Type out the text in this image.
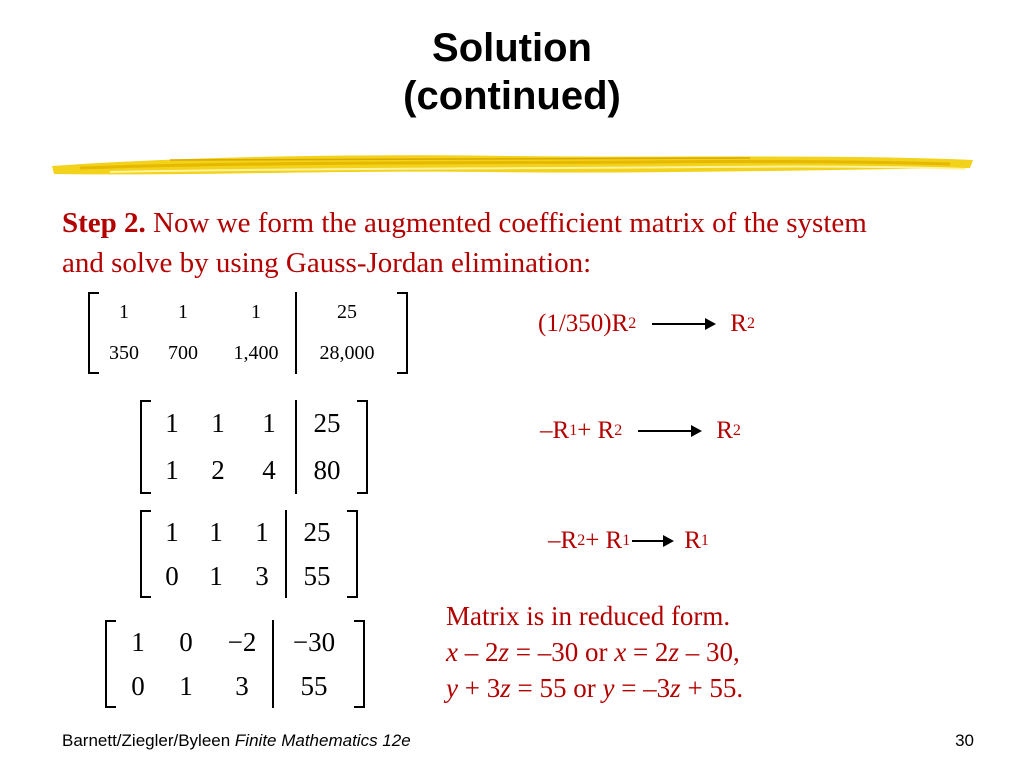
Solution
(continued)
Step 2. Now we form the augmented coefficient matrix of the system and solve by using Gauss-Jordan elimination:
1	1	1	25
350	700	1,400	28,000
1	1	1	25
1	2	4	80
1	1	1	25
0	1	3	55
1	0	−2	−30
0	1	3	55
(1/350)R 2	R 2
–R 1 + R 2	R 2
–R 2 + R 1 R 1
Matrix is in reduced form.
x – 2z = –30 or x = 2z – 30,
y + 3z = 55 or y = –3z + 55.
Barnett/Ziegler/Byleen Finite Mathematics 12e	30
